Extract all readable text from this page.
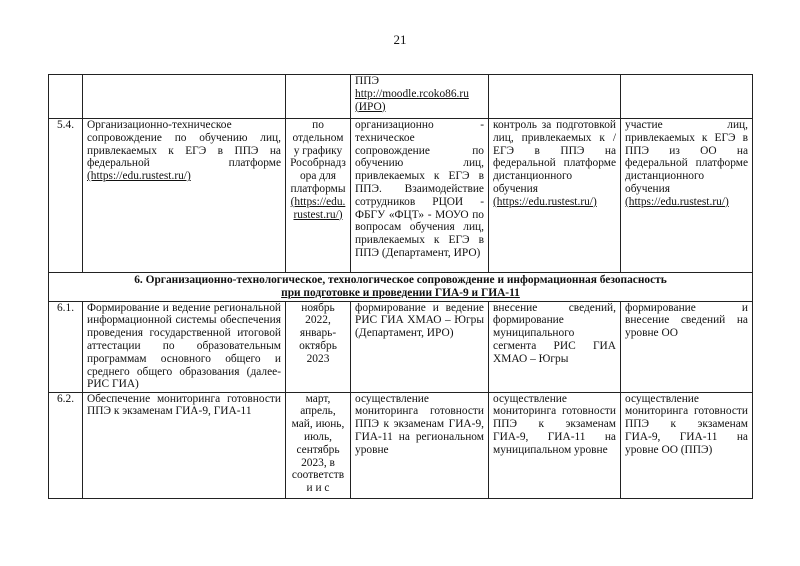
21
			ППЭ
http://moodle.rcoko86.ru
(ИРО)		
5.4.	Организационно-техническое сопровождение по обучению лиц, привлекаемых к ЕГЭ в ППЭ на федеральной платформе (https://edu.rustest.ru/)	по отдельному графику Рособрнадзора для платформы (https://edu.rustest.ru/)	организационно - техническое сопровождение по обучению лиц, привлекаемых к ЕГЭ в ППЭ. Взаимодействие сотрудников РЦОИ - ФБГУ «ФЦТ» - МОУО по вопросам обучения лиц, привлекаемых к ЕГЭ в ППЭ (Департамент, ИРО)	контроль за подготовкой лиц, привлекаемых к /ЕГЭ в ППЭ на федеральной платформе дистанционного обучения (https://edu.rustest.ru/)	участие лиц, привлекаемых к ЕГЭ в ППЭ из ОО на федеральной платформе дистанционного обучения (https://edu.rustest.ru/)
6. Организационно-технологическое, технологическое сопровождение и информационная безопасность
при подготовке и проведении ГИА-9 и ГИА-11					
6.1.	Формирование и ведение региональной информационной системы обеспечения проведения государственной итоговой аттестации по образовательным программам основного общего и среднего общего образования (далее-РИС ГИА)	ноябрь 2022, январь-октябрь 2023	формирование и ведение РИС ГИА ХМАО – Югры (Департамент, ИРО)	внесение сведений, формирование муниципального сегмента РИС ГИА ХМАО – Югры	формирование и внесение сведений на уровне ОО
6.2.	Обеспечение мониторинга готовности ППЭ к экзаменам ГИА-9, ГИА-11	март, апрель, май, июнь, июль, сентябрь 2023, в соответстви и с	осуществление мониторинга готовности ППЭ к экзаменам ГИА-9, ГИА-11 на региональном уровне	осуществление мониторинга готовности ППЭ к экзаменам ГИА-9, ГИА-11 на муниципальном уровне	осуществление мониторинга готовности ППЭ к экзаменам ГИА-9, ГИА-11 на уровне ОО (ППЭ)
